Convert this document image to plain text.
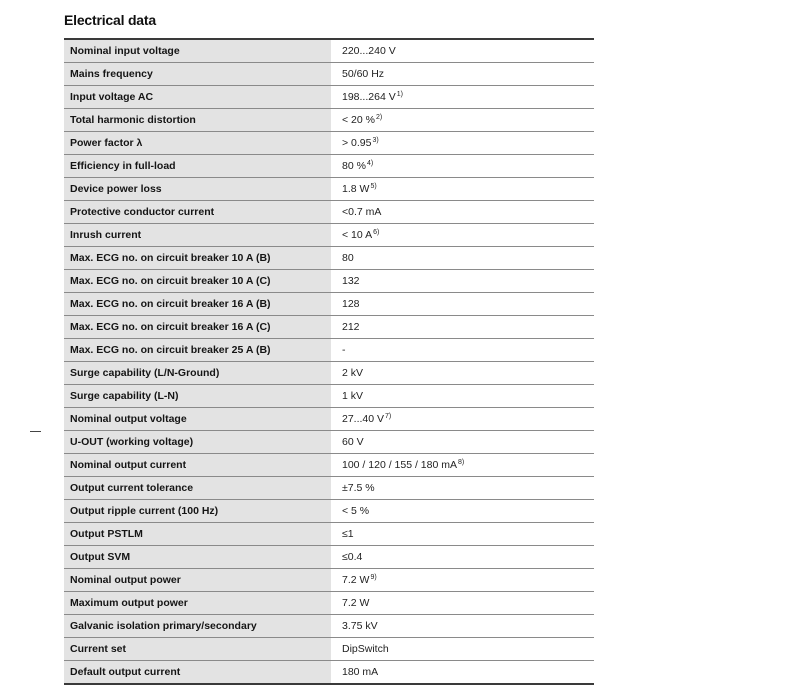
Electrical data
Nominal input voltage	220...240 V
Mains frequency	50/60 Hz
Input voltage AC	198...264 $V^{1)}$
Total harmonic distortion	< 20 %$^{2)}$
Power factor λ	> $0.95^{3)}$
Efficiency in full-load	80 %$^{4)}$
Device power loss	1.8 $W^{5)}$
Protective conductor current	<0.7 mA
Inrush current	< 10 $A^{6)}$
Max. ECG no. on circuit breaker 10 A (B)	80
Max. ECG no. on circuit breaker 10 A (C)	132
Max. ECG no. on circuit breaker 16 A (B)	128
Max. ECG no. on circuit breaker 16 A (C)	212
Max. ECG no. on circuit breaker 25 A (B)	-
Surge capability (L/N-Ground)	2 kV
Surge capability (L-N)	1 kV
Nominal output voltage	27...40 $V^{7)}$
U-OUT (working voltage)	60 V
Nominal output current	100 / 120 / 155 / 180 $mA^{8)}$
Output current tolerance	±7.5 %
Output ripple current (100 Hz)	< 5 %
Output PSTLM	≤1
Output SVM	≤0.4
Nominal output power	7.2 $W^{9)}$
Maximum output power	7.2 W
Galvanic isolation primary/secondary	3.75 kV
Current set	DipSwitch
Default output current	180 mA
